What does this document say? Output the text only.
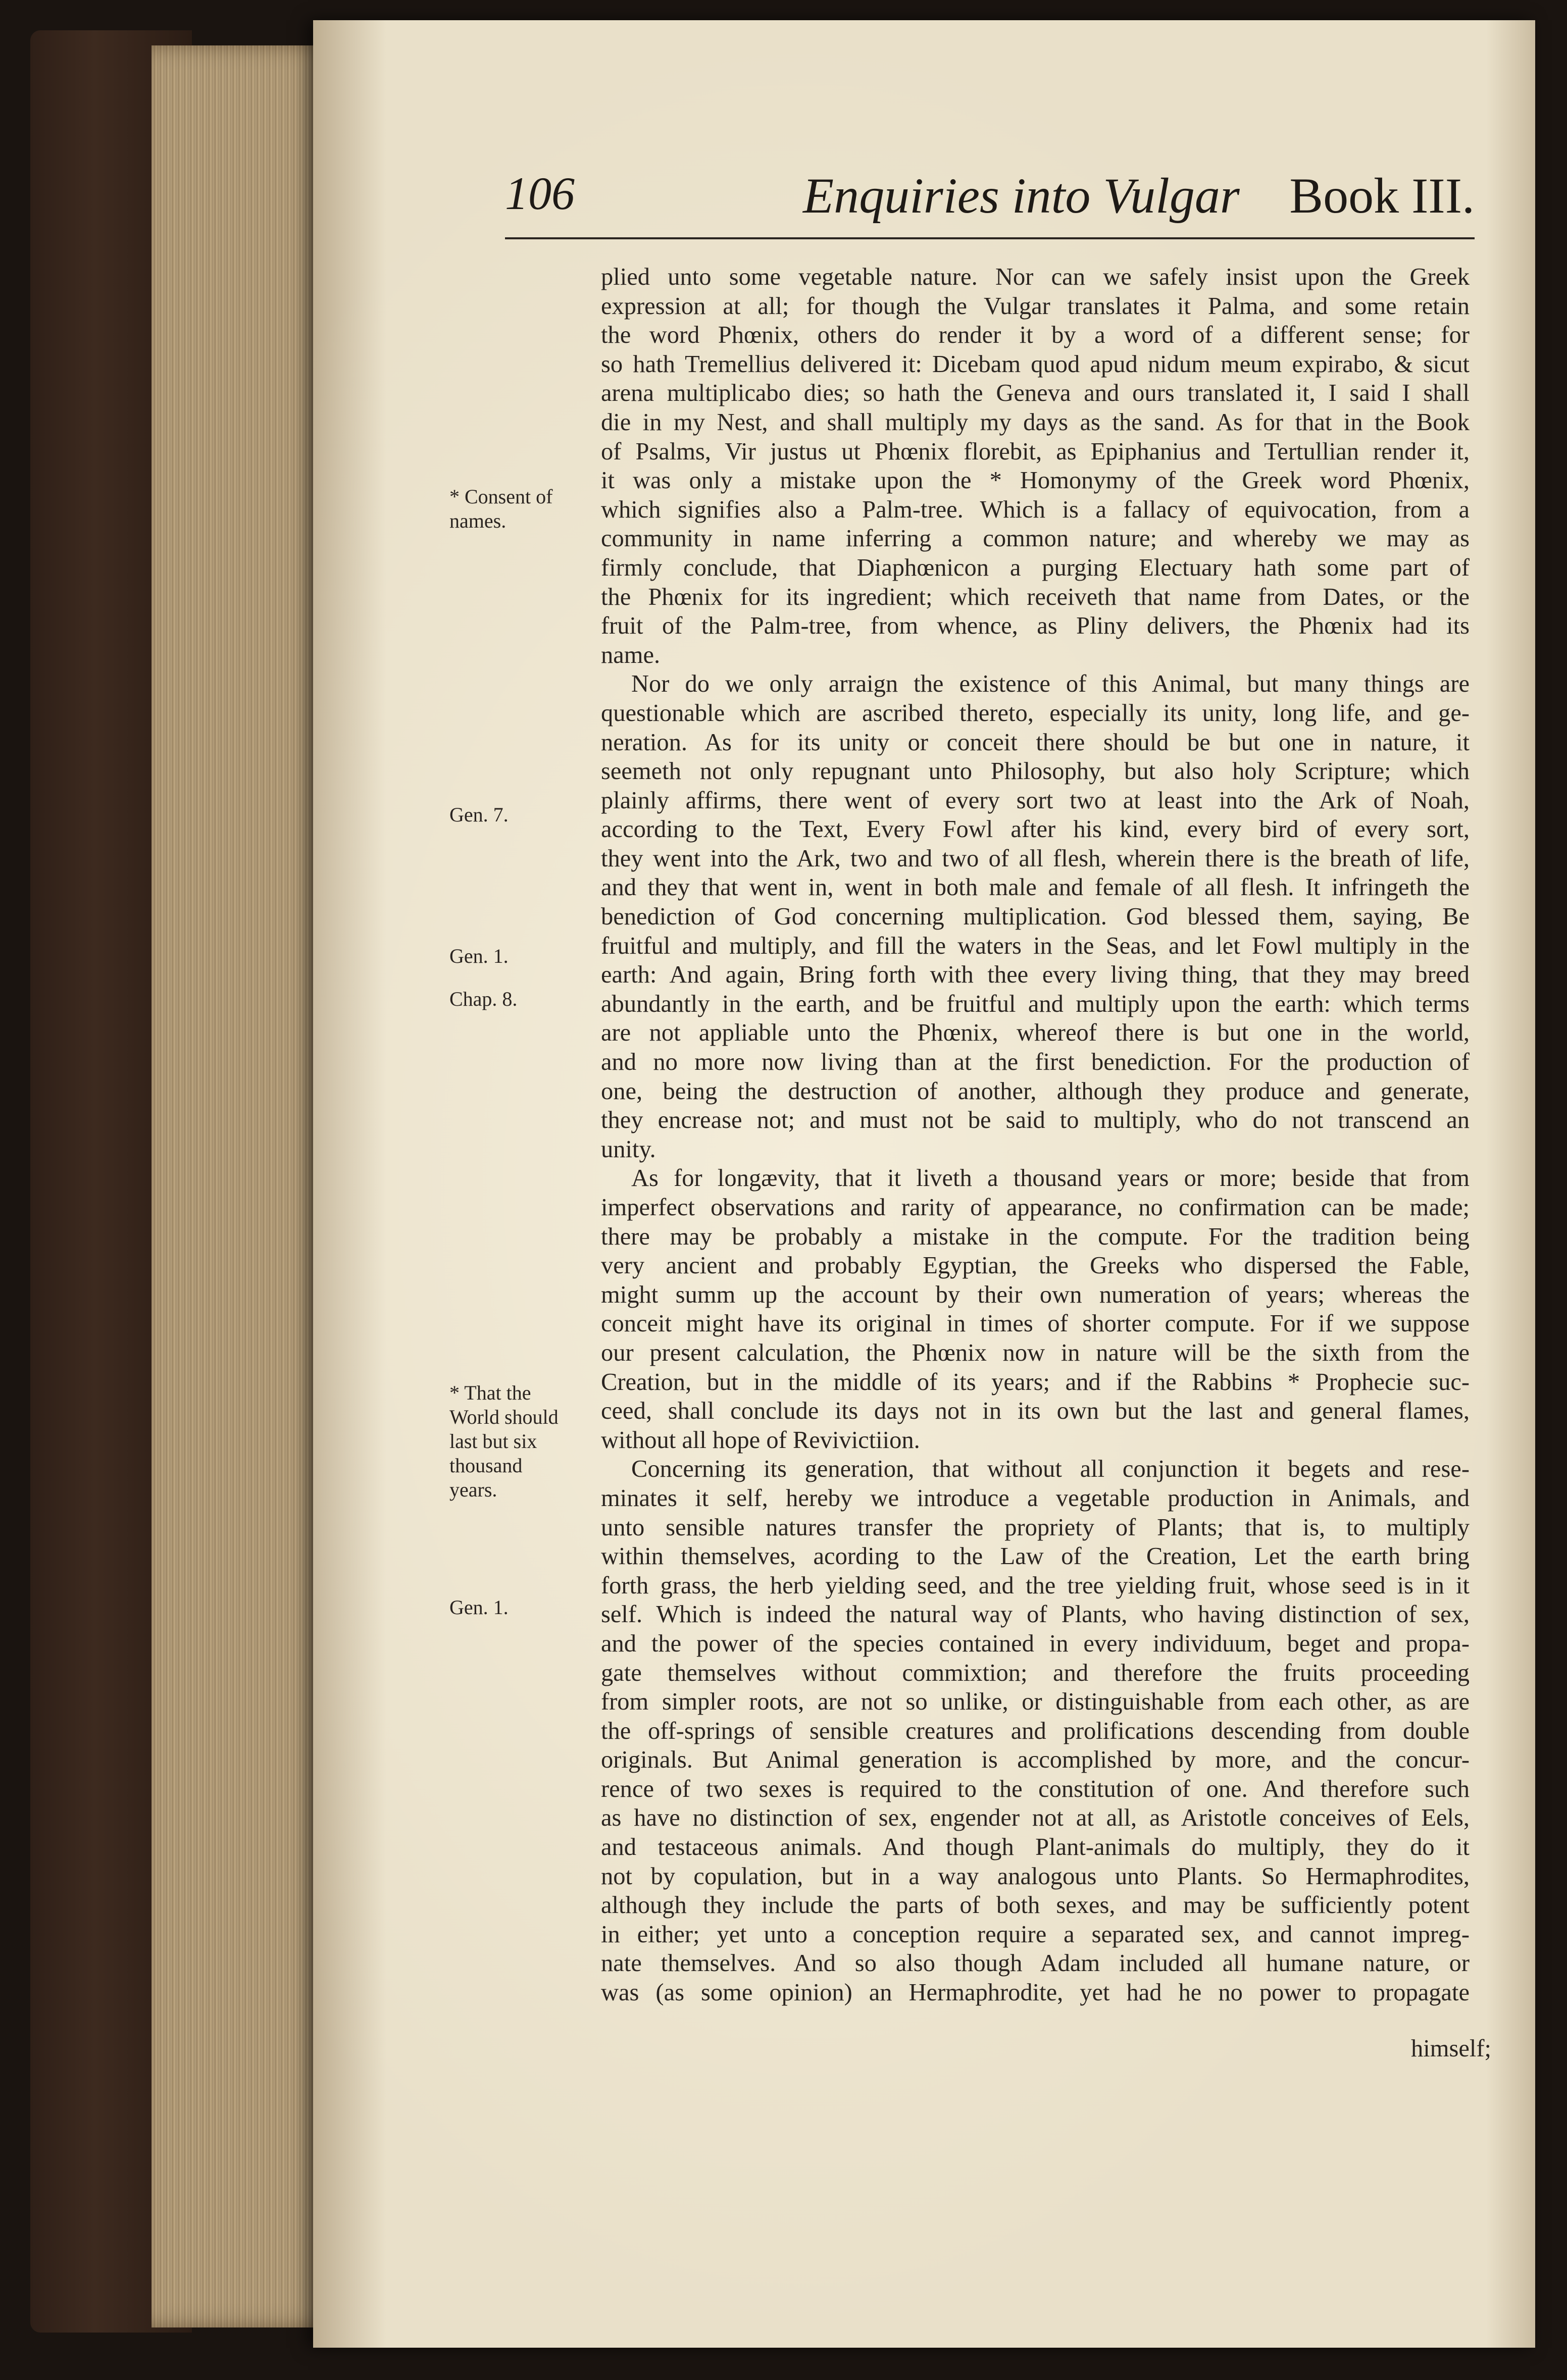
106	Enquiries into Vulgar Book III.
* Consent of
names.
Gen. 7.
Gen. 1.
Chap. 8.
* That the
World should
last but six
thousand
years.
Gen. 1.
plied unto some vegetable nature. Nor can we safely insist upon the Greek
expression at all; for though the Vulgar translates it Palma, and some retain
the word Phœnix, others do render it by a word of a different sense; for
so hath Tremellius delivered it: Dicebam quod apud nidum meum expirabo, & sicut
arena multiplicabo dies; so hath the Geneva and ours translated it, I said I shall
die in my Nest, and shall multiply my days as the sand. As for that in the Book
of Psalms, Vir justus ut Phœnix florebit, as Epiphanius and Tertullian render it,
it was only a mistake upon the * Homonymy of the Greek word Phœnix,
which signifies also a Palm-tree. Which is a fallacy of equivocation, from a
community in name inferring a common nature; and whereby we may as
firmly conclude, that Diaphœnicon a purging Electuary hath some part of
the Phœnix for its ingredient; which receiveth that name from Dates, or the
fruit of the Palm-tree, from whence, as Pliny delivers, the Phœnix had its
name.
Nor do we only arraign the existence of this Animal, but many things are
questionable which are ascribed thereto, especially its unity, long life, and ge-
neration. As for its unity or conceit there should be but one in nature, it
seemeth not only repugnant unto Philosophy, but also holy Scripture; which
plainly affirms, there went of every sort two at least into the Ark of Noah,
according to the Text, Every Fowl after his kind, every bird of every sort,
they went into the Ark, two and two of all flesh, wherein there is the breath of life,
and they that went in, went in both male and female of all flesh. It infringeth the
benediction of God concerning multiplication. God blessed them, saying, Be
fruitful and multiply, and fill the waters in the Seas, and let Fowl multiply in the
earth: And again, Bring forth with thee every living thing, that they may breed
abundantly in the earth, and be fruitful and multiply upon the earth: which terms
are not appliable unto the Phœnix, whereof there is but one in the world,
and no more now living than at the first benediction. For the production of
one, being the destruction of another, although they produce and generate,
they encrease not; and must not be said to multiply, who do not transcend an
unity.
As for longævity, that it liveth a thousand years or more; beside that from
imperfect observations and rarity of appearance, no confirmation can be made;
there may be probably a mistake in the compute. For the tradition being
very ancient and probably Egyptian, the Greeks who dispersed the Fable,
might summ up the account by their own numeration of years; whereas the
conceit might have its original in times of shorter compute. For if we suppose
our present calculation, the Phœnix now in nature will be the sixth from the
Creation, but in the middle of its years; and if the Rabbins * Prophecie suc-
ceed, shall conclude its days not in its own but the last and general flames,
without all hope of Revivictiion.
Concerning its generation, that without all conjunction it begets and rese-
minates it self, hereby we introduce a vegetable production in Animals, and
unto sensible natures transfer the propriety of Plants; that is, to multiply
within themselves, acording to the Law of the Creation, Let the earth bring
forth grass, the herb yielding seed, and the tree yielding fruit, whose seed is in it
self. Which is indeed the natural way of Plants, who having distinction of sex,
and the power of the species contained in every individuum, beget and propa-
gate themselves without commixtion; and therefore the fruits proceeding
from simpler roots, are not so unlike, or distinguishable from each other, as are
the off-springs of sensible creatures and prolifications descending from double
originals. But Animal generation is accomplished by more, and the concur-
rence of two sexes is required to the constitution of one. And therefore such
as have no distinction of sex, engender not at all, as Aristotle conceives of Eels,
and testaceous animals. And though Plant-animals do multiply, they do it
not by copulation, but in a way analogous unto Plants. So Hermaphrodites,
although they include the parts of both sexes, and may be sufficiently potent
in either; yet unto a conception require a separated sex, and cannot impreg-
nate themselves. And so also though Adam included all humane nature, or
was (as some opinion) an Hermaphrodite, yet had he no power to propagate
himself;
